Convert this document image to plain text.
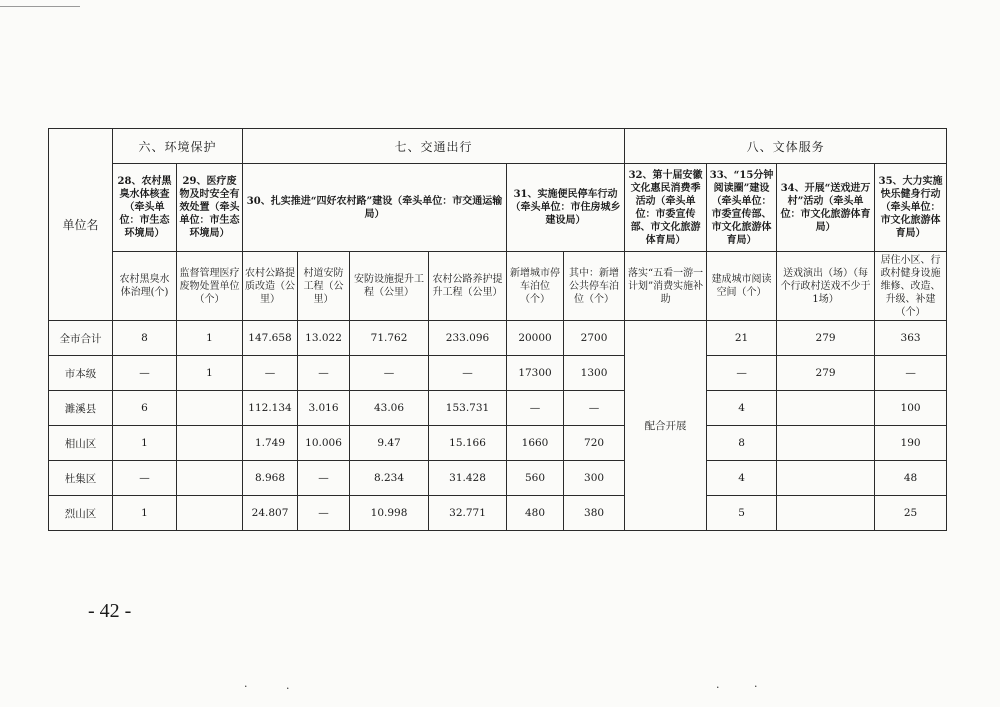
单位名	六、环境保护		七、交通出行						八、文体服务			
	28、农村黑臭水体核查（牵头单位：市生态环境局）	29、医疗废物及时安全有效处置（牵头单位：市生态环境局）	30、扎实推进“四好农村路”建设（牵头单位：市交通运输局）				31、实施便民停车行动（牵头单位：市住房城乡建设局）		32、第十届安徽文化惠民消费季活动（牵头单位：市委宣传部、市文化旅游体育局）	33、“15分钟阅读圈”建设（牵头单位：市委宣传部、市文化旅游体育局）	34、开展“送戏进万村”活动（牵头单位：市文化旅游体育局）	35、大力实施快乐健身行动（牵头单位：市文化旅游体育局）
	农村黑臭水体治理(个)	监督管理医疗废物处置单位（个）	农村公路提质改造（公里）	村道安防工程（公里）	安防设施提升工程（公里）	农村公路养护提升工程（公里）	新增城市停车泊位（个）	其中：新增公共停车泊位（个）	落实“五看一游一计划”消费实施补助	建成城市阅读空间（个）	送戏演出（场）（每个行政村送戏不少于1场）	居住小区、行政村健身设施维修、改造、升级、补建（个）
全市合计	8	1	147.658	13.022	71.762	233.096	20000	2700	配合开展	21	279	363
市本级	—	1	—	—	—	—	17300	1300		—	279	—
濉溪县	6		112.134	3.016	43.06	153.731	—	—		4		100
相山区	1		1.749	10.006	9.47	15.166	1660	720		8		190
杜集区	—		8.968	—	8.234	31.428	560	300		4		48
烈山区	1		24.807	—	10.998	32.771	480	380		5		25
- 42 -
·	·	·	·
